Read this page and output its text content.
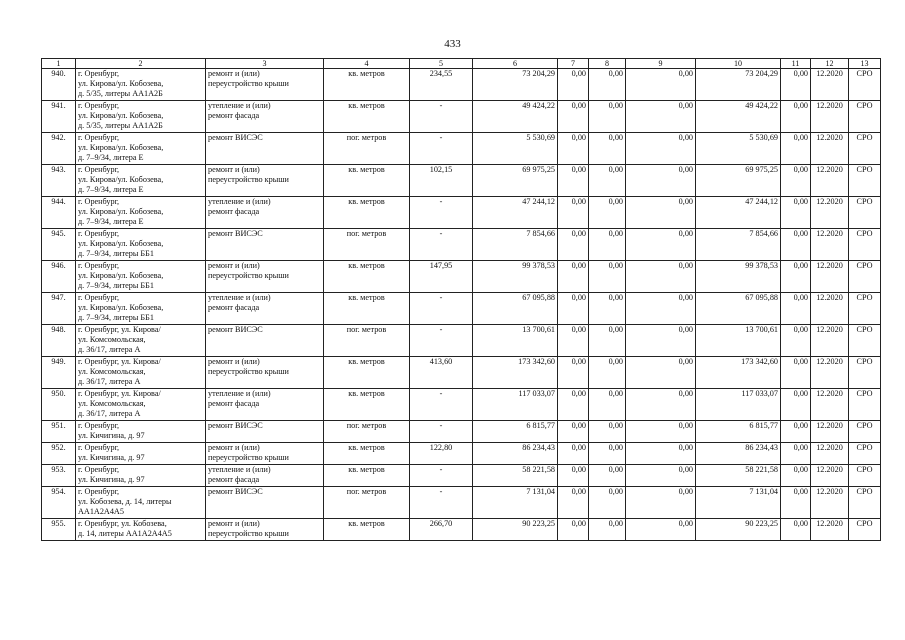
433
1	2	3	4	5	6	7	8	9	10	11	12	13
940.	г. Оренбург,
ул. Кирова/ул. Кобозева,
д. 5/35, литеры АА1А2Б	ремонт и (или)
переустройство крыши	кв. метров	234,55	73 204,29	0,00	0,00	0,00	73 204,29	0,00	12.2020	СРО
941.	г. Оренбург,
ул. Кирова/ул. Кобозева,
д. 5/35, литеры АА1А2Б	утепление и (или)
ремонт фасада	кв. метров	-	49 424,22	0,00	0,00	0,00	49 424,22	0,00	12.2020	СРО
942.	г. Оренбург,
ул. Кирова/ул. Кобозева,
д. 7–9/34, литера Е	ремонт ВИСЭС	пог. метров	-	5 530,69	0,00	0,00	0,00	5 530,69	0,00	12.2020	СРО
943.	г. Оренбург,
ул. Кирова/ул. Кобозева,
д. 7–9/34, литера Е	ремонт и (или)
переустройство крыши	кв. метров	102,15	69 975,25	0,00	0,00	0,00	69 975,25	0,00	12.2020	СРО
944.	г. Оренбург,
ул. Кирова/ул. Кобозева,
д. 7–9/34, литера Е	утепление и (или)
ремонт фасада	кв. метров	-	47 244,12	0,00	0,00	0,00	47 244,12	0,00	12.2020	СРО
945.	г. Оренбург,
ул. Кирова/ул. Кобозева,
д. 7–9/34, литеры ББ1	ремонт ВИСЭС	пог. метров	-	7 854,66	0,00	0,00	0,00	7 854,66	0,00	12.2020	СРО
946.	г. Оренбург,
ул. Кирова/ул. Кобозева,
д. 7–9/34, литеры ББ1	ремонт и (или)
переустройство крыши	кв. метров	147,95	99 378,53	0,00	0,00	0,00	99 378,53	0,00	12.2020	СРО
947.	г. Оренбург,
ул. Кирова/ул. Кобозева,
д. 7–9/34, литеры ББ1	утепление и (или)
ремонт фасада	кв. метров	-	67 095,88	0,00	0,00	0,00	67 095,88	0,00	12.2020	СРО
948.	г. Оренбург, ул. Кирова/
ул. Комсомольская,
д. 36/17, литера А	ремонт ВИСЭС	пог. метров	-	13 700,61	0,00	0,00	0,00	13 700,61	0,00	12.2020	СРО
949.	г. Оренбург, ул. Кирова/
ул. Комсомольская,
д. 36/17, литера А	ремонт и (или)
переустройство крыши	кв. метров	413,60	173 342,60	0,00	0,00	0,00	173 342,60	0,00	12.2020	СРО
950.	г. Оренбург, ул. Кирова/
ул. Комсомольская,
д. 36/17, литера А	утепление и (или)
ремонт фасада	кв. метров	-	117 033,07	0,00	0,00	0,00	117 033,07	0,00	12.2020	СРО
951.	г. Оренбург,
ул. Кичигина, д. 97	ремонт ВИСЭС	пог. метров	-	6 815,77	0,00	0,00	0,00	6 815,77	0,00	12.2020	СРО
952.	г. Оренбург,
ул. Кичигина, д. 97	ремонт и (или)
переустройство крыши	кв. метров	122,80	86 234,43	0,00	0,00	0,00	86 234,43	0,00	12.2020	СРО
953.	г. Оренбург,
ул. Кичигина, д. 97	утепление и (или)
ремонт фасада	кв. метров	-	58 221,58	0,00	0,00	0,00	58 221,58	0,00	12.2020	СРО
954.	г. Оренбург,
ул. Кобозева, д. 14, литеры
АА1А2А4А5	ремонт ВИСЭС	пог. метров	-	7 131,04	0,00	0,00	0,00	7 131,04	0,00	12.2020	СРО
955.	г. Оренбург, ул. Кобозева,
д. 14, литеры АА1А2А4А5	ремонт и (или)
переустройство крыши	кв. метров	266,70	90 223,25	0,00	0,00	0,00	90 223,25	0,00	12.2020	СРО
